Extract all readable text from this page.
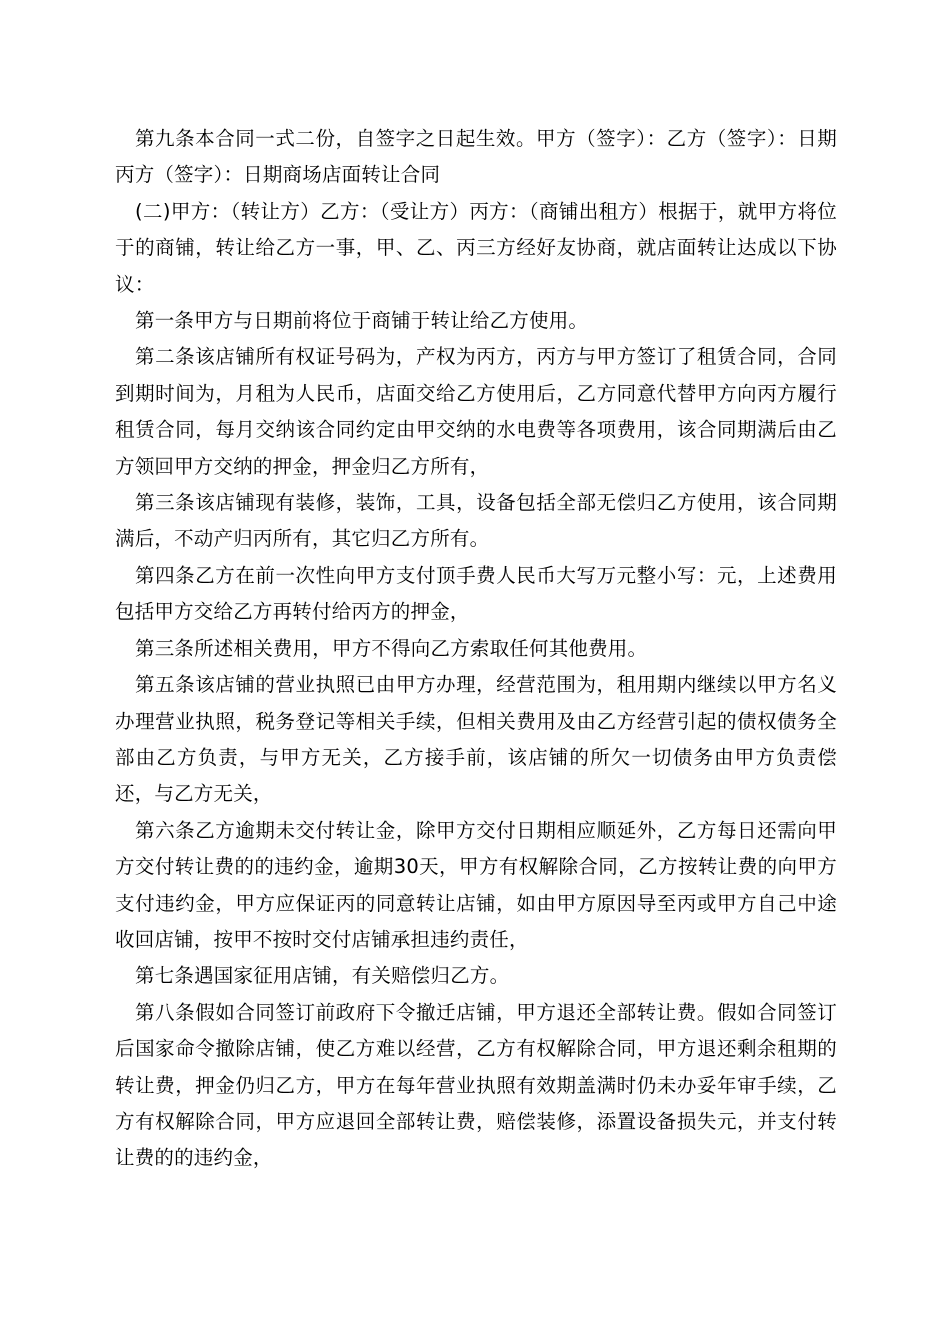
第九条本合同一式二份，自签字之日起生效。甲方（签字）：乙方（签字）：日期丙方（签字）：日期商场店面转让合同

(二)甲方：（转让方）乙方：（受让方）丙方：（商铺出租方）根据于，就甲方将位于的商铺，转让给乙方一事，甲、乙、丙三方经好友协商，就店面转让达成以下协议：

第一条甲方与日期前将位于商铺于转让给乙方使用。

第二条该店铺所有权证号码为，产权为丙方，丙方与甲方签订了租赁合同，合同到期时间为，月租为人民币，店面交给乙方使用后，乙方同意代替甲方向丙方履行租赁合同，每月交纳该合同约定由甲交纳的水电费等各项费用，该合同期满后由乙方领回甲方交纳的押金，押金归乙方所有，

第三条该店铺现有装修，装饰，工具，设备包括全部无偿归乙方使用，该合同期满后，不动产归丙所有，其它归乙方所有。

第四条乙方在前一次性向甲方支付顶手费人民币大写万元整小写：元，上述费用包括甲方交给乙方再转付给丙方的押金，

第三条所述相关费用，甲方不得向乙方索取任何其他费用。

第五条该店铺的营业执照已由甲方办理，经营范围为，租用期内继续以甲方名义办理营业执照，税务登记等相关手续，但相关费用及由乙方经营引起的债权债务全部由乙方负责，与甲方无关，乙方接手前，该店铺的所欠一切债务由甲方负责偿还，与乙方无关，

第六条乙方逾期未交付转让金，除甲方交付日期相应顺延外，乙方每日还需向甲方交付转让费的的违约金，逾期30天，甲方有权解除合同，乙方按转让费的向甲方支付违约金，甲方应保证丙的同意转让店铺，如由甲方原因导至丙或甲方自己中途收回店铺，按甲不按时交付店铺承担违约责任，

第七条遇国家征用店铺，有关赔偿归乙方。

第八条假如合同签订前政府下令撤迁店铺，甲方退还全部转让费。假如合同签订后国家命令撤除店铺，使乙方难以经营，乙方有权解除合同，甲方退还剩余租期的转让费，押金仍归乙方，甲方在每年营业执照有效期盖满时仍未办妥年审手续，乙方有权解除合同，甲方应退回全部转让费，赔偿装修，添置设备损失元，并支付转让费的的违约金，
